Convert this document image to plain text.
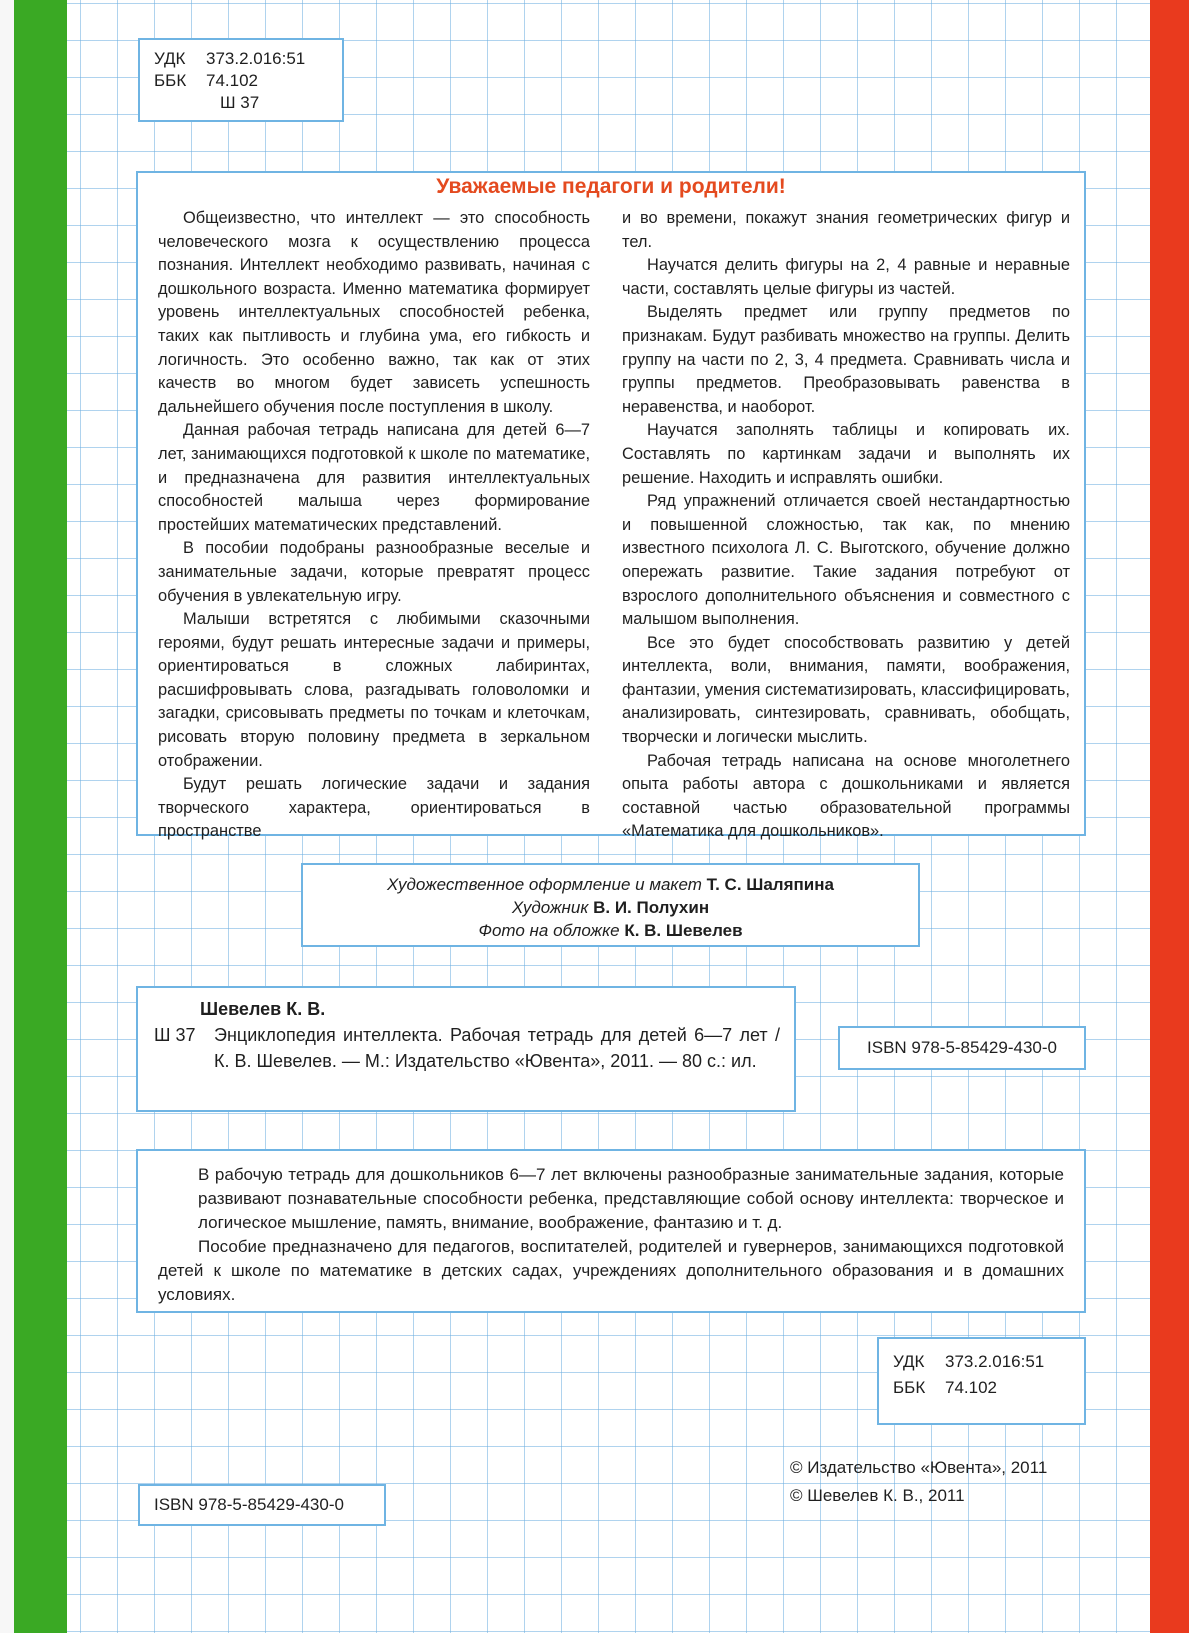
УДК 373.2.016:51
ББК 74.102
Ш 37
Уважаемые педагоги и родители!

Общеизвестно, что интеллект — это способность человеческого мозга к осуществлению процесса познания. Интеллект необходимо развивать, начиная с дошкольного возраста. Именно математика формирует уровень интеллектуальных способностей ребенка, таких как пытливость и глубина ума, его гибкость и логичность. Это особенно важно, так как от этих качеств во многом будет зависеть успешность дальнейшего обучения после поступления в школу.

Данная рабочая тетрадь написана для детей 6—7 лет, занимающихся подготовкой к школе по математике, и предназначена для развития интеллектуальных способностей малыша через формирование простейших математических представлений.

В пособии подобраны разнообразные веселые и занимательные задачи, которые превратят процесс обучения в увлекательную игру.

Малыши встретятся с любимыми сказочными героями, будут решать интересные задачи и примеры, ориентироваться в сложных лабиринтах, расшифровывать слова, разгадывать головоломки и загадки, срисовывать предметы по точкам и клеточкам, рисовать вторую половину предмета в зеркальном отображении.

Будут решать логические задачи и задания творческого характера, ориентироваться в пространстве

и во времени, покажут знания геометрических фигур и тел.

Научатся делить фигуры на 2, 4 равные и неравные части, составлять целые фигуры из частей.

Выделять предмет или группу предметов по признакам. Будут разбивать множество на группы. Делить группу на части по 2, 3, 4 предмета. Сравнивать числа и группы предметов. Преобразовывать равенства в неравенства, и наоборот.

Научатся заполнять таблицы и копировать их. Составлять по картинкам задачи и выполнять их решение. Находить и исправлять ошибки.

Ряд упражнений отличается своей нестандартностью и повышенной сложностью, так как, по мнению известного психолога Л. С. Выготского, обучение должно опережать развитие. Такие задания потребуют от взрослого дополнительного объяснения и совместного с малышом выполнения.

Все это будет способствовать развитию у детей интеллекта, воли, внимания, памяти, воображения, фантазии, умения систематизировать, классифицировать, анализировать, синтезировать, сравнивать, обобщать, творчески и логически мыслить.

Рабочая тетрадь написана на основе многолетнего опыта работы автора с дошкольниками и является составной частью образовательной программы «Математика для дошкольников».

Художественное оформление и макет Т. С. Шаляпина
Художник В. И. Полухин
Фото на обложке К. В. Шевелев
Шевелев К. В.
Ш 37	Энциклопедия интеллекта. Рабочая тетрадь для детей 6—7 лет / К. В. Шевелев. — М.: Издательство «Ювента», 2011. — 80 с.: ил.
ISBN 978-5-85429-430-0

В рабочую тетрадь для дошкольников 6—7 лет включены разнообразные занимательные задания, которые развивают познавательные способности ребенка, представляющие собой основу интеллекта: творческое и логическое мышление, память, внимание, воображение, фантазию и т. д.

Пособие предназначено для педагогов, воспитателей, родителей и гувернеров, занимающихся подготовкой детей к школе по математике в детских садах, учреждениях дополнительного образования и в домашних условиях.

УДК 373.2.016:51
ББК 74.102
© Издательство «Ювента», 2011
© Шевелев К. В., 2011
ISBN 978-5-85429-430-0
